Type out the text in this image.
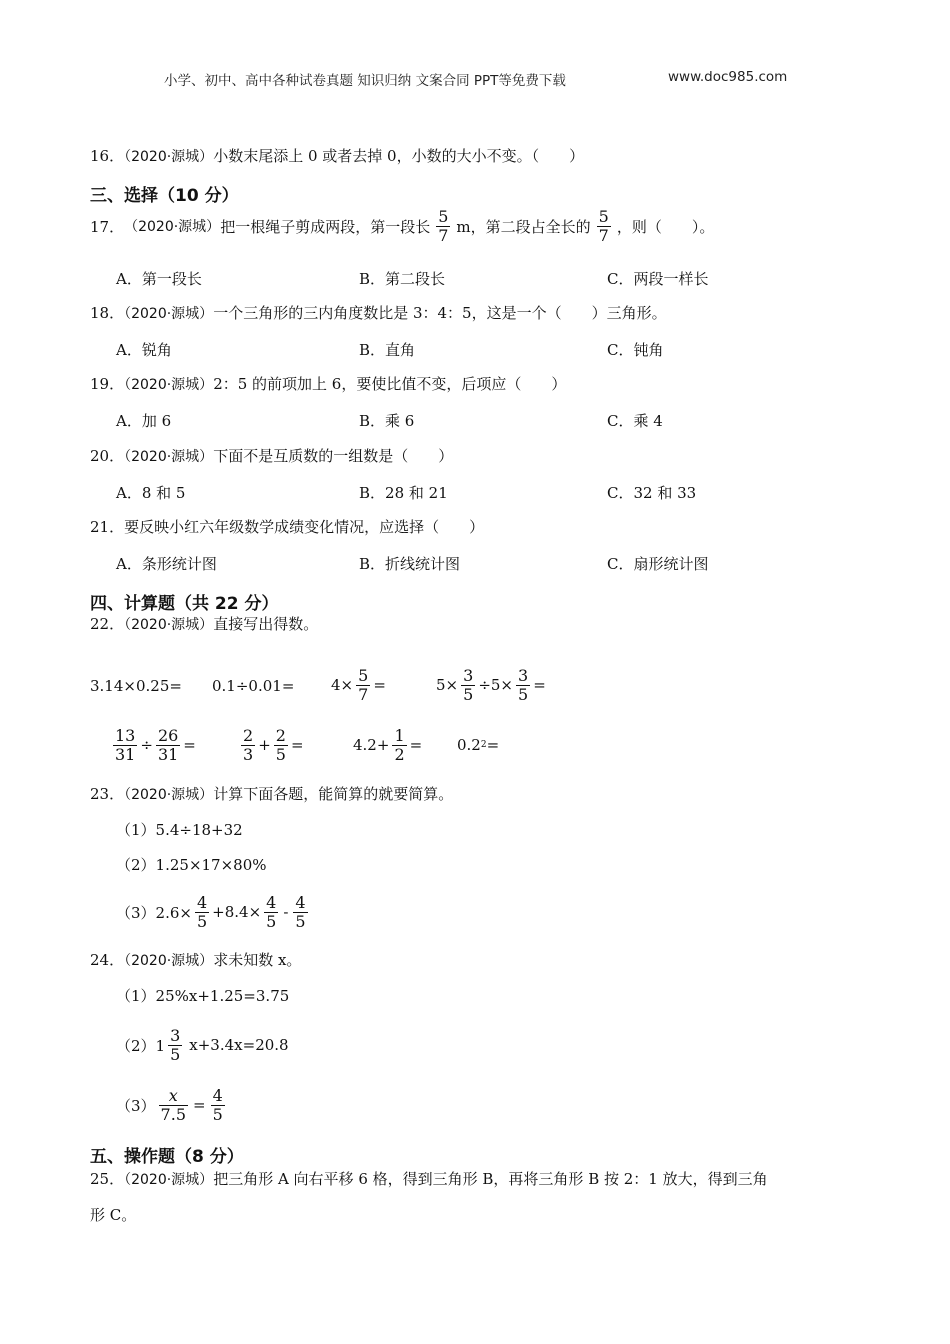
小学、初中、高中各种试卷真题 知识归纳 文案合同 PPT等免费下载	www.doc985.com
16．（2020·源城）小数末尾添上 0 或者去掉 0，小数的大小不变。（　　）
三、选择（10 分）
17． （2020·源城） 把一根绳子剪成两段，第一段长
5
7 m，第二段占全长的
5
7 ，则（　　）。
A．第一段长	B．第二段长	C．两段一样长
18．（2020·源城）一个三角形的三内角度数比是 3：4：5，这是一个（　　）三角形。
A．锐角	B．直角	C．钝角
19．（2020·源城）2：5 的前项加上 6，要使比值不变，后项应（　　）
A．加 6	B．乘 6	C．乘 4
20．（2020·源城）下面不是互质数的一组数是（　　）
A．8 和 5	B．28 和 21	C．32 和 33
21．要反映小红六年级数学成绩变化情况，应选择（　　）
A．条形统计图	B．折线统计图	C．扇形统计图
四、计算题（共 22 分）
22．（2020·源城）直接写出得数。
3.14×0.25= 0.1÷0.01= 4×
5
7 =	5×
3
5 ÷5×
3
5 =
13
31 ÷
26
31 =
2
3 +
2
5 =	4.2+
1
2 = 0.2 2 =
23．（2020·源城）计算下面各题，能简算的就要简算。
（1）5.4÷18+32
（2）1.25×17×80%
（3）2.6×
4
5 +8.4×
4
5 -
4
5
24．（2020·源城）求未知数 x。
（1）25%x+1.25=3.75
（2）1
3
5 x+3.4x=20.8
（3）
x
7.5 =
4
5
五、操作题（8 分）
25．（2020·源城）把三角形 A 向右平移 6 格，得到三角形 B，再将三角形 B 按 2：1 放大，得到三角
形 C。
